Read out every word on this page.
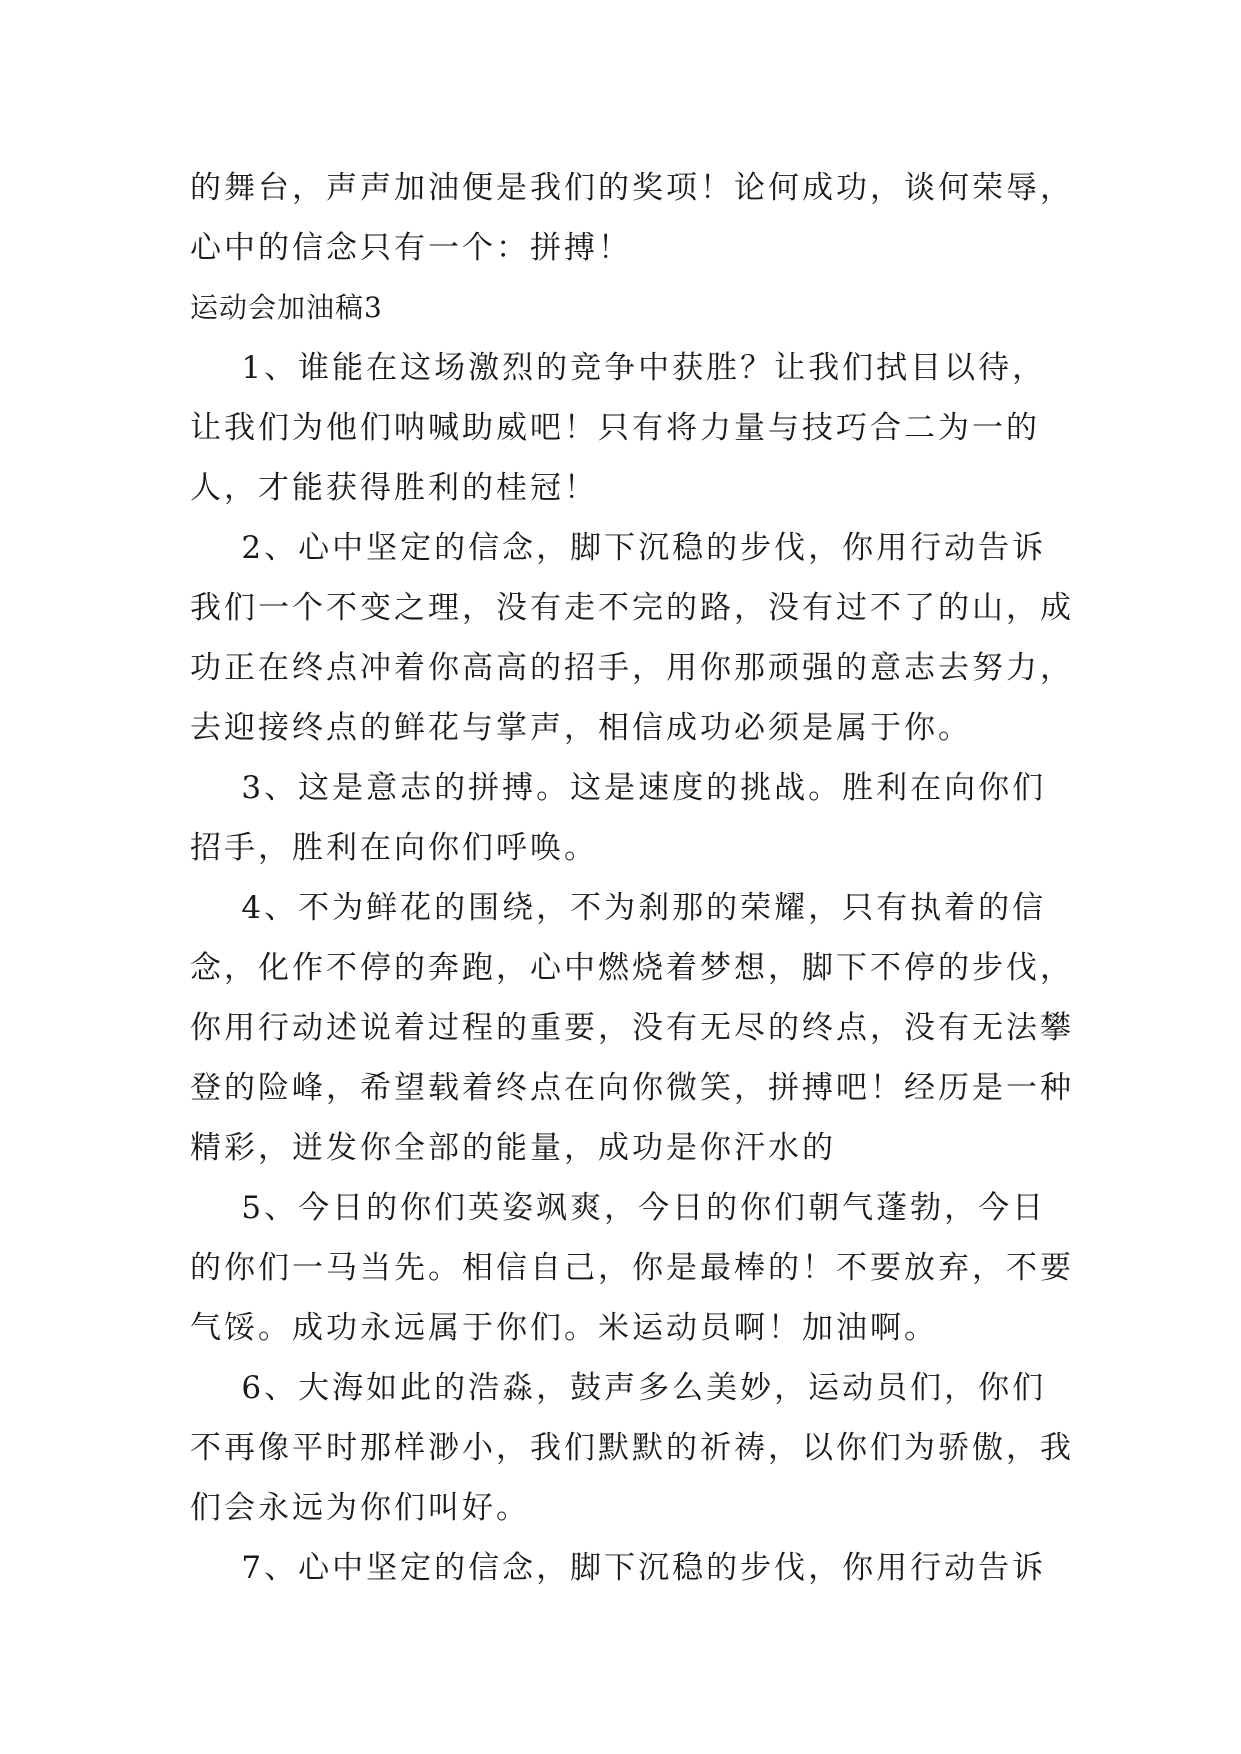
的舞台，声声加油便是我们的奖项！论何成功，谈何荣辱，
心中的信念只有一个：拼搏！
运动会加油稿3
1、谁能在这场激烈的竞争中获胜？让我们拭目以待，
让我们为他们呐喊助威吧！只有将力量与技巧合二为一的
人，才能获得胜利的桂冠！
2、心中坚定的信念，脚下沉稳的步伐，你用行动告诉
我们一个不变之理，没有走不完的路，没有过不了的山，成
功正在终点冲着你高高的招手，用你那顽强的意志去努力，
去迎接终点的鲜花与掌声，相信成功必须是属于你。
3、这是意志的拼搏。这是速度的挑战。胜利在向你们
招手，胜利在向你们呼唤。
4、不为鲜花的围绕，不为刹那的荣耀，只有执着的信
念，化作不停的奔跑，心中燃烧着梦想，脚下不停的步伐，
你用行动述说着过程的重要，没有无尽的终点，没有无法攀
登的险峰，希望载着终点在向你微笑，拼搏吧！经历是一种
精彩，迸发你全部的能量，成功是你汗水的
5、今日的你们英姿飒爽，今日的你们朝气蓬勃，今日
的你们一马当先。相信自己，你是最棒的！不要放弃，不要
气馁。成功永远属于你们。米运动员啊！加油啊。
6、大海如此的浩淼，鼓声多么美妙，运动员们，你们
不再像平时那样渺小，我们默默的祈祷，以你们为骄傲，我
们会永远为你们叫好。
7、心中坚定的信念，脚下沉稳的步伐，你用行动告诉
